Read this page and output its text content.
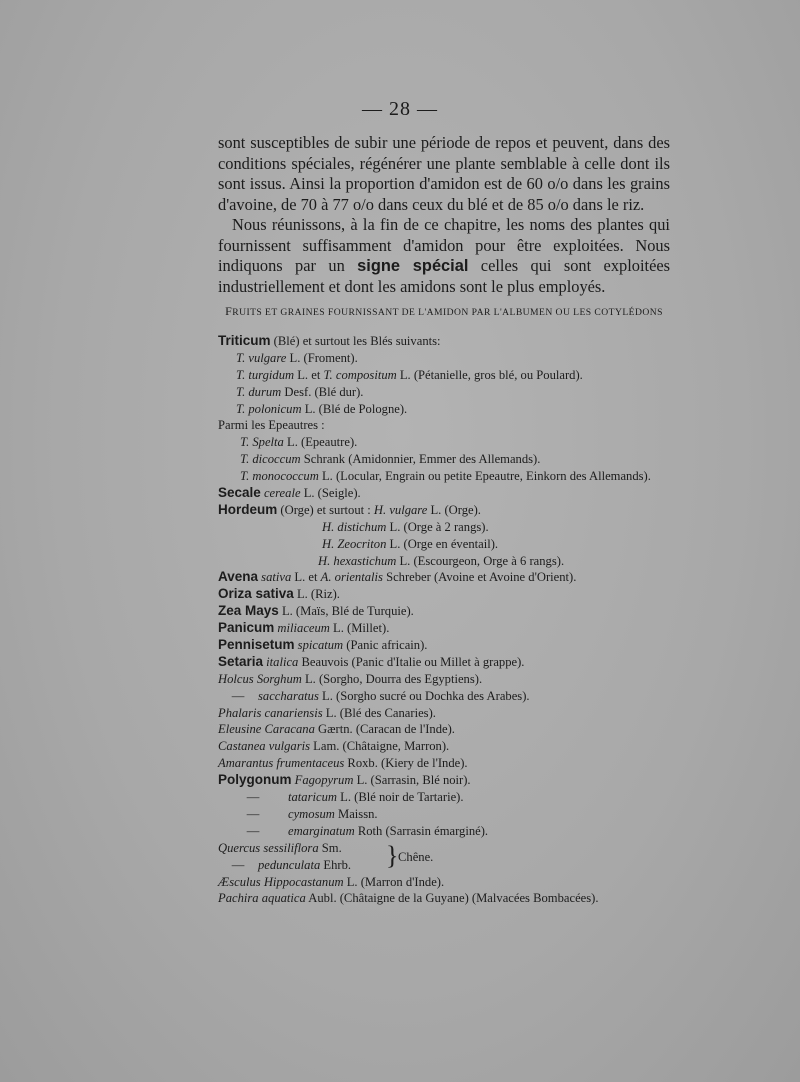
— 28 —

sont susceptibles de subir une période de repos et peuvent, dans des conditions spéciales, régénérer une plante semblable à celle dont ils sont issus. Ainsi la proportion d'amidon est de 60 o/o dans les grains d'avoine, de 70 à 77 o/o dans ceux du blé et de 85 o/o dans le riz.

Nous réunissons, à la fin de ce chapitre, les noms des plantes qui fournissent suffisamment d'amidon pour être exploitées. Nous indiquons par un signe spécial celles qui sont exploitées industriellement et dont les amidons sont le plus employés.

FRUITS ET GRAINES FOURNISSANT DE L'AMIDON PAR L'ALBUMEN OU LES COTYLÉDONS
Triticum (Blé) et surtout les Blés suivants:
T. vulgare L. (Froment).
T. turgidum L. et T. compositum L. (Pétanielle, gros blé, ou Poulard).
T. durum Desf. (Blé dur).
T. polonicum L. (Blé de Pologne).
Parmi les Epeautres :
T. Spelta L. (Epeautre).
T. dicoccum Schrank (Amidonnier, Emmer des Allemands).
T. monococcum L. (Locular, Engrain ou petite Epeautre, Einkorn des Allemands).
Secale cereale L. (Seigle).
Hordeum (Orge) et surtout : H. vulgare L. (Orge).
H. distichum L. (Orge à 2 rangs).
H. Zeocriton L. (Orge en éventail).
H. hexastichum L. (Escourgeon, Orge à 6 rangs).
Avena sativa L. et A. orientalis Schreber (Avoine et Avoine d'Orient).
Oriza sativa L. (Riz).
Zea Mays L. (Maïs, Blé de Turquie).
Panicum miliaceum L. (Millet).
Pennisetum spicatum (Panic africain).
Setaria italica Beauvois (Panic d'Italie ou Millet à grappe).
Holcus Sorghum L. (Sorgho, Dourra des Egyptiens).
— saccharatus L. (Sorgho sucré ou Dochka des Arabes).
Phalaris canariensis L. (Blé des Canaries).
Eleusine Caracana Gærtn. (Caracan de l'Inde).
Castanea vulgaris Lam. (Châtaigne, Marron).
Amarantus frumentaceus Roxb. (Kiery de l'Inde).
Polygonum Fagopyrum L. (Sarrasin, Blé noir).
— tataricum L. (Blé noir de Tartarie).
— cymosum Maissn.
— emarginatum Roth (Sarrasin émarginé).
Quercus sessiliflora Sm.
— pedunculata Ehrb.	} Chêne.
Æsculus Hippocastanum L. (Marron d'Inde).
Pachira aquatica Aubl. (Châtaigne de la Guyane) (Malvacées Bombacées).
